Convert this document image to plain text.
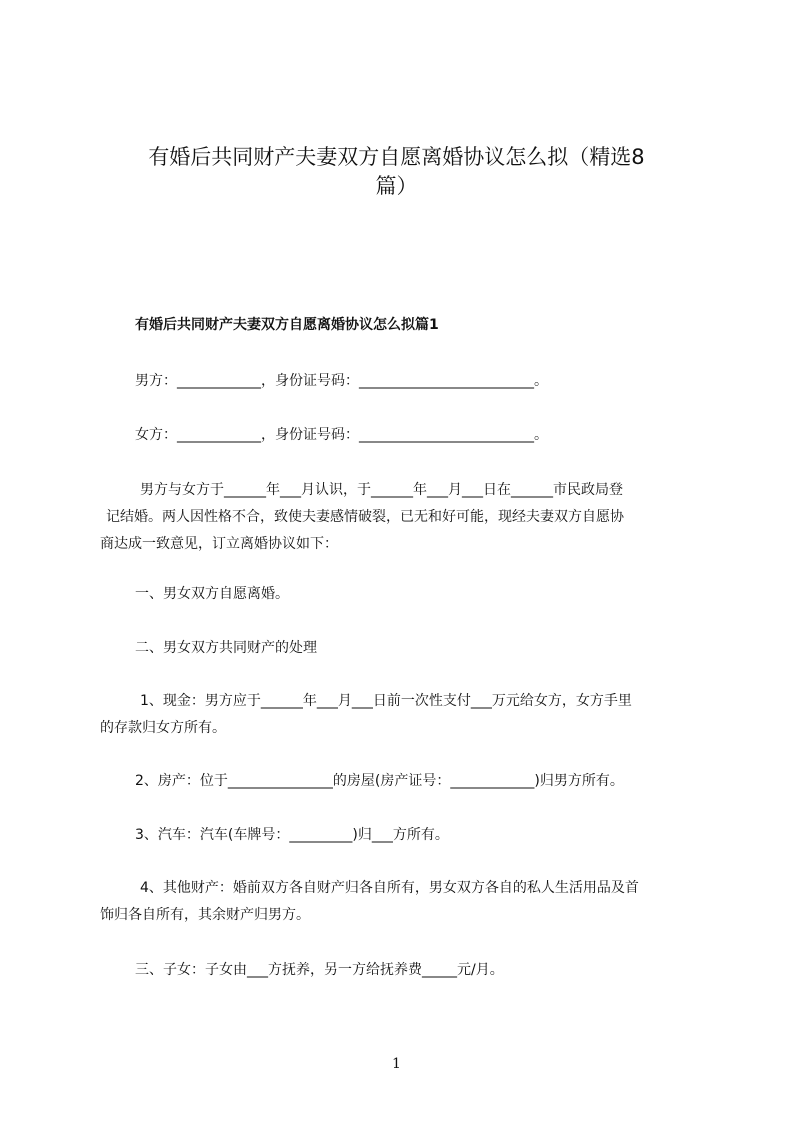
有婚后共同财产夫妻双方自愿离婚协议怎么拟（精选8
篇）
有婚后共同财产夫妻双方自愿离婚协议怎么拟篇1
男方：____________，身份证号码：_________________________。
女方：____________，身份证号码：_________________________。
男方与女方于______年___月认识，于______年___月___日在______市民政局登
记结婚。两人因性格不合，致使夫妻感情破裂，已无和好可能，现经夫妻双方自愿协
商达成一致意见，订立离婚协议如下：
一、男女双方自愿离婚。
二、男女双方共同财产的处理
1、现金：男方应于______年___月___日前一次性支付___万元给女方，女方手里
的存款归女方所有。
2、房产：位于_______________的房屋(房产证号：____________)归男方所有。
3、汽车：汽车(车牌号：_________)归___方所有。
4、其他财产：婚前双方各自财产归各自所有，男女双方各自的私人生活用品及首
饰归各自所有，其余财产归男方。
三、子女：子女由___方抚养，另一方给抚养费_____元/月。
1
